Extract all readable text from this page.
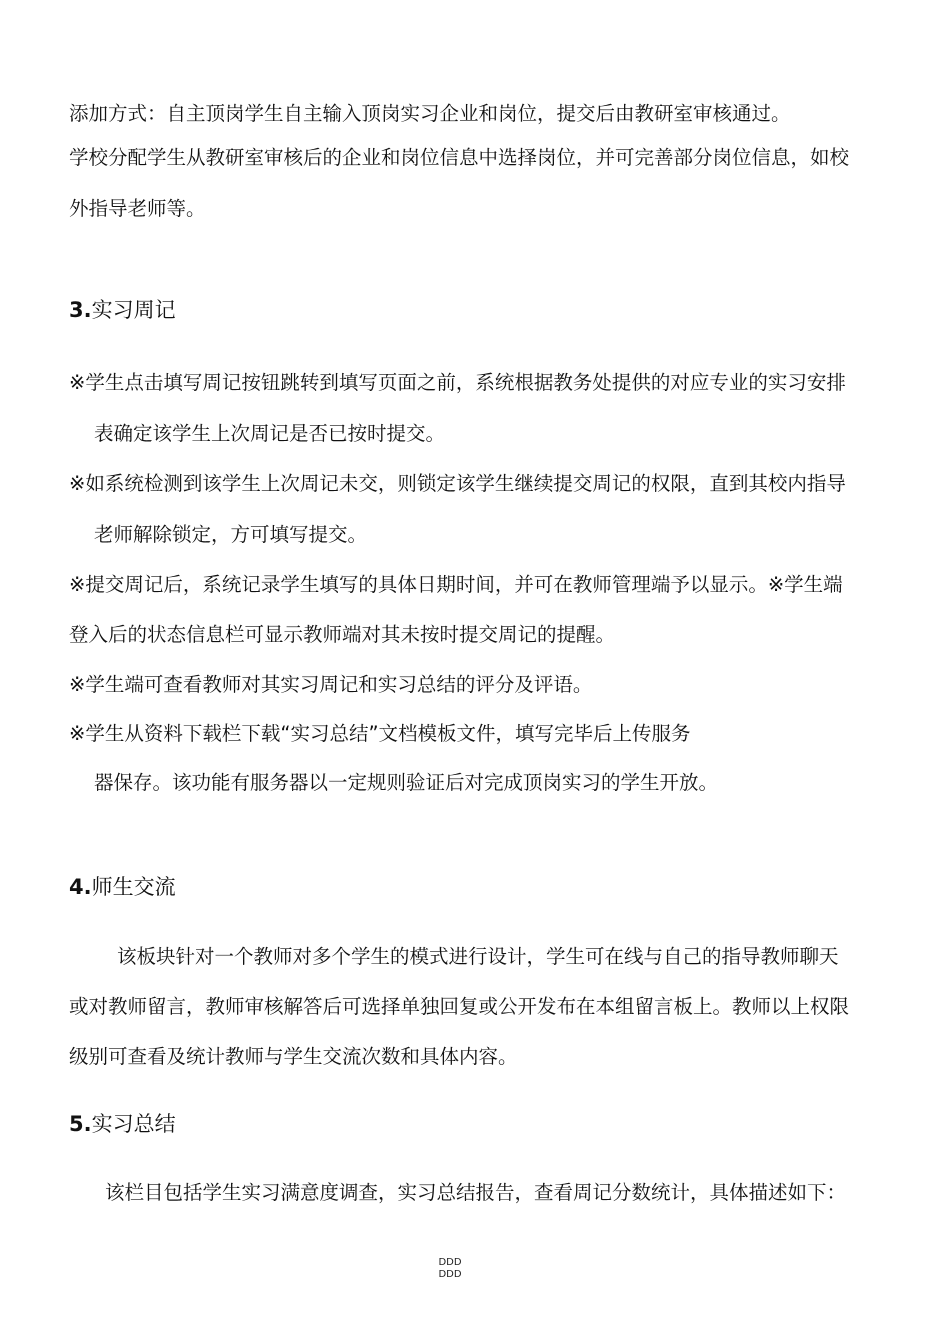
添加方式：自主顶岗学生自主输入顶岗实习企业和岗位，提交后由教研室审核通过。
学校分配学生从教研室审核后的企业和岗位信息中选择岗位，并可完善部分岗位信息，如校
外指导老师等。
3.实习周记
※学生点击填写周记按钮跳转到填写页面之前，系统根据教务处提供的对应专业的实习安排
表确定该学生上次周记是否已按时提交。
※如系统检测到该学生上次周记未交，则锁定该学生继续提交周记的权限，直到其校内指导
老师解除锁定，方可填写提交。
※提交周记后，系统记录学生填写的具体日期时间，并可在教师管理端予以显示。※学生端
登入后的状态信息栏可显示教师端对其未按时提交周记的提醒。
※学生端可查看教师对其实习周记和实习总结的评分及评语。
※学生从资料下载栏下载“实习总结”文档模板文件，填写完毕后上传服务
器保存。该功能有服务器以一定规则验证后对完成顶岗实习的学生开放。
4.师生交流
该板块针对一个教师对多个学生的模式进行设计，学生可在线与自己的指导教师聊天
或对教师留言，教师审核解答后可选择单独回复或公开发布在本组留言板上。教师以上权限
级别可查看及统计教师与学生交流次数和具体内容。
5.实习总结
该栏目包括学生实习满意度调查，实习总结报告，查看周记分数统计，具体描述如下：
DDD
DDD
